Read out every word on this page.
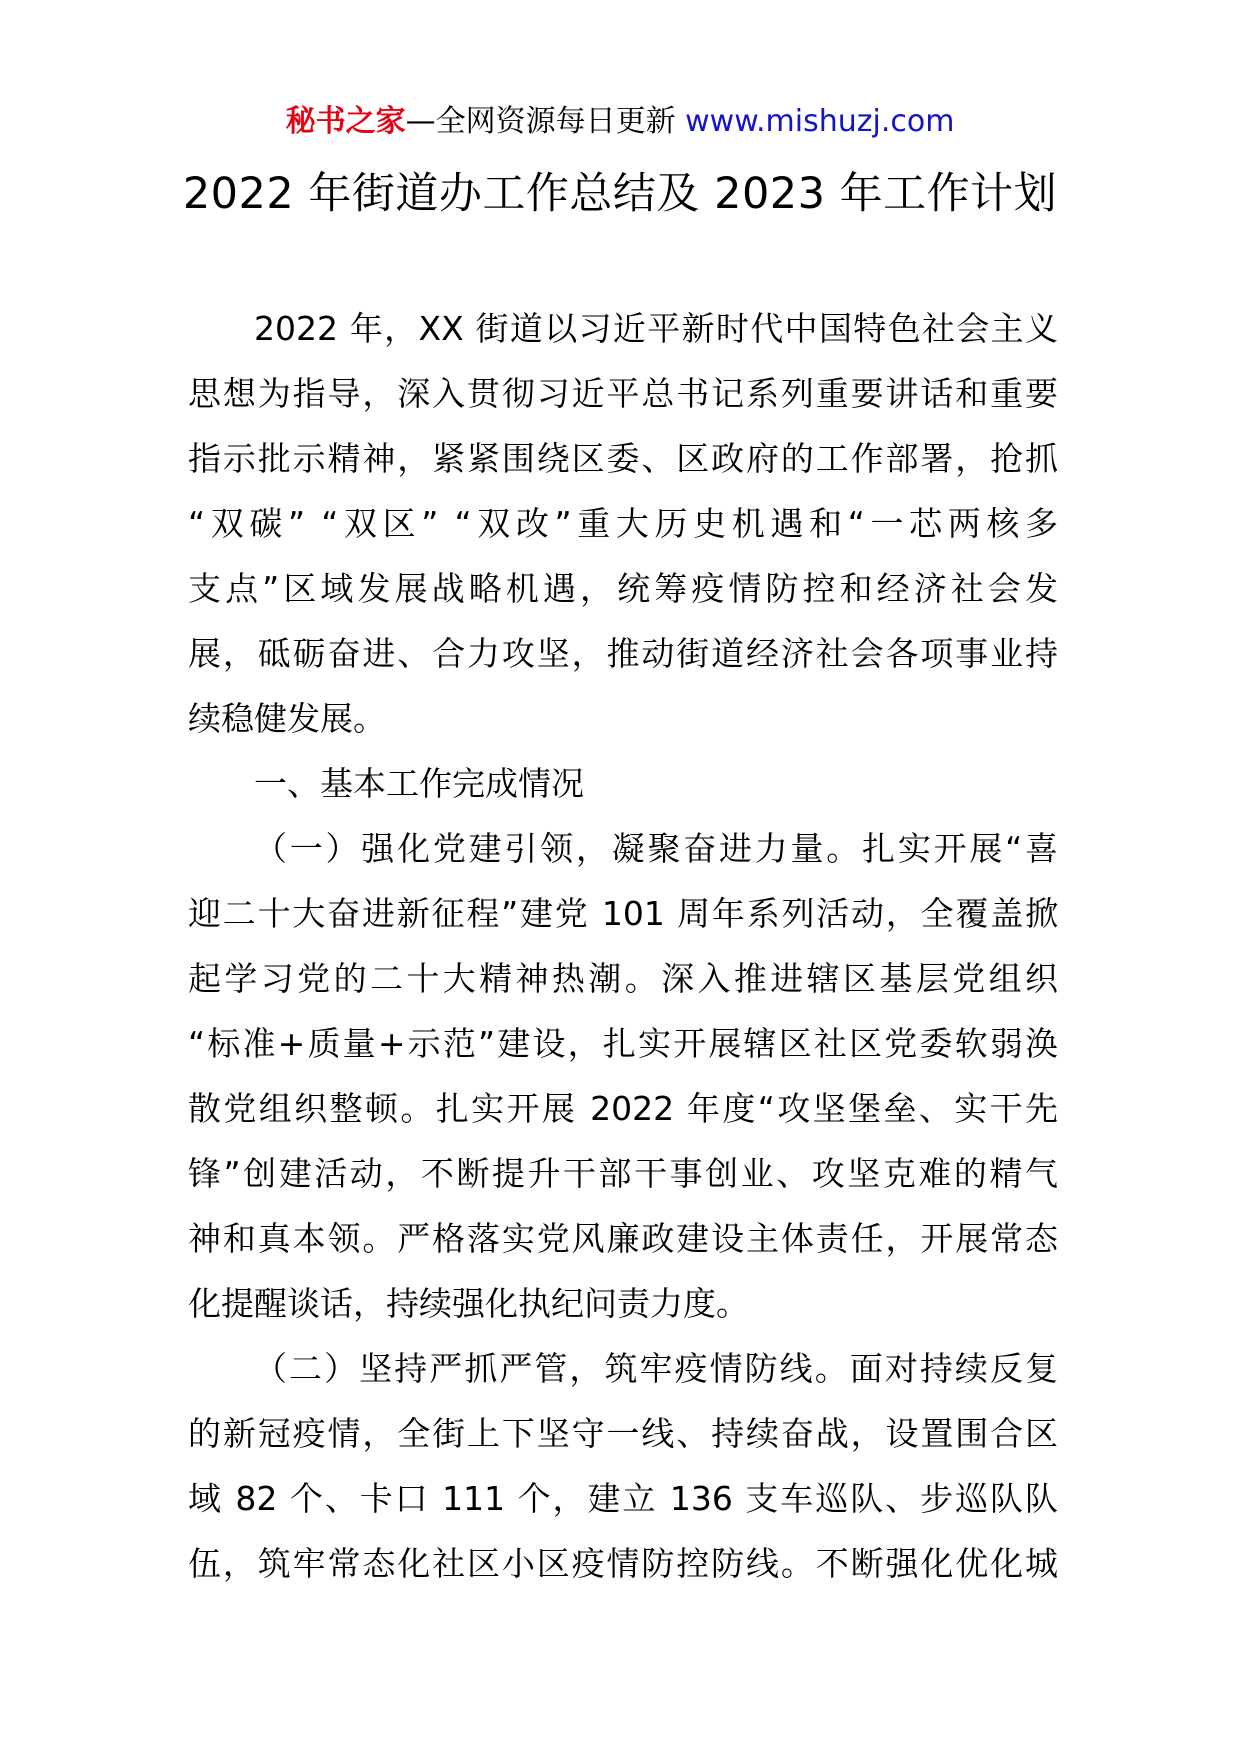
秘书之家—全网资源每日更新 www.mishuzj.com
2022 年街道办工作总结及 2023 年工作计划
2022 年，XX 街道以习近平新时代中国特色社会主义
思想为指导，深入贯彻习近平总书记系列重要讲话和重要
指示批示精神，紧紧围绕区委、区政府的工作部署，抢抓
“双碳” “双区” “双改”重大历史机遇和“一芯两核多
支点”区域发展战略机遇，统筹疫情防控和经济社会发
展，砥砺奋进、合力攻坚，推动街道经济社会各项事业持
续稳健发展。
一、基本工作完成情况
（一）强化党建引领，凝聚奋进力量。扎实开展“喜
迎二十大奋进新征程”建党 101 周年系列活动，全覆盖掀
起学习党的二十大精神热潮。深入推进辖区基层党组织
“标准+质量+示范”建设，扎实开展辖区社区党委软弱涣
散党组织整顿。扎实开展 2022 年度“攻坚堡垒、实干先
锋”创建活动，不断提升干部干事创业、攻坚克难的精气
神和真本领。严格落实党风廉政建设主体责任，开展常态
化提醒谈话，持续强化执纪问责力度。
（二）坚持严抓严管，筑牢疫情防线。面对持续反复
的新冠疫情，全街上下坚守一线、持续奋战，设置围合区
域 82 个、卡口 111 个，建立 136 支车巡队、步巡队队
伍，筑牢常态化社区小区疫情防控防线。不断强化优化城
